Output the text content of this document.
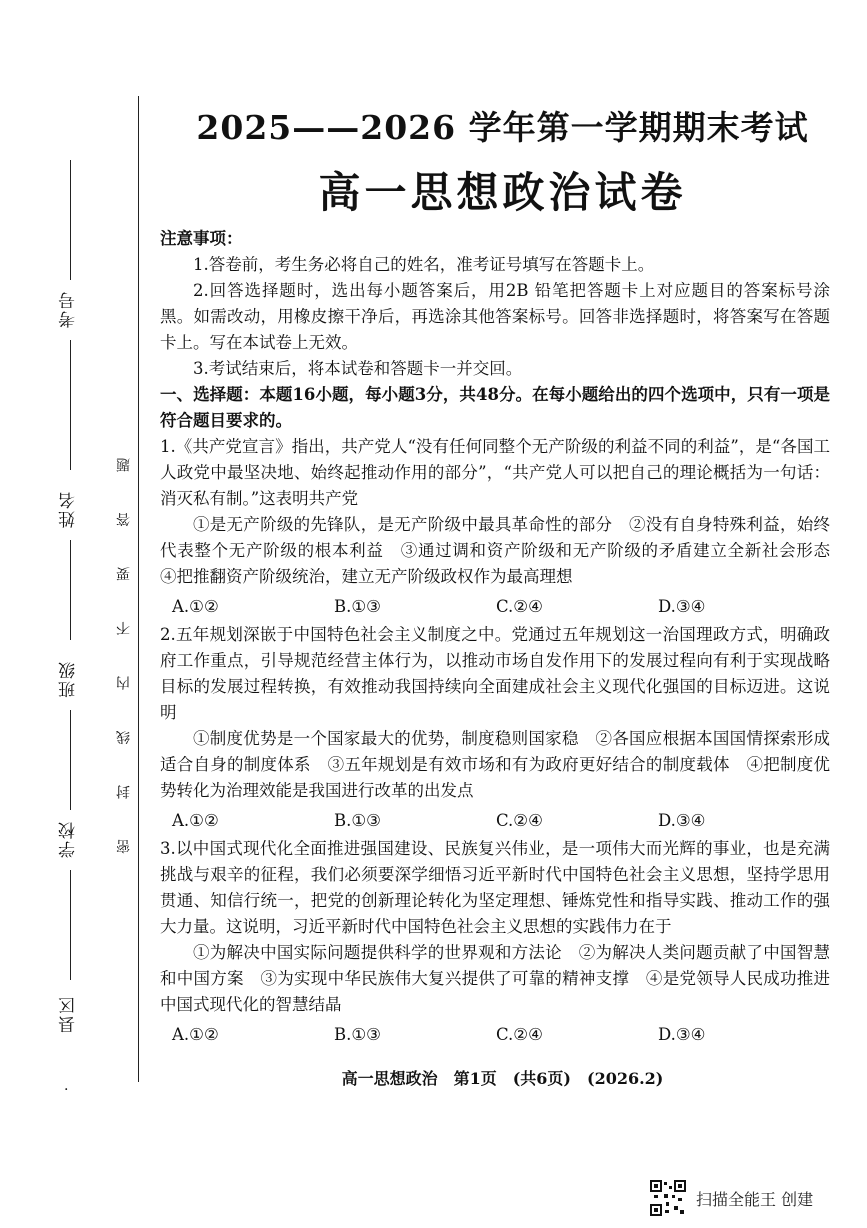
考号
姓名
班级
学校
县区
密 封 线 内 不 要 答 题
.
2025——2026 学年第一学期期末考试
高一思想政治试卷

注意事项：

1.答卷前，考生务必将自己的姓名，准考证号填写在答题卡上。

2.回答选择题时，选出每小题答案后，用2B 铅笔把答题卡上对应题目的答案标号涂黑。如需改动，用橡皮擦干净后，再选涂其他答案标号。回答非选择题时，将答案写在答题卡上。写在本试卷上无效。

3.考试结束后，将本试卷和答题卡一并交回。

一、选择题：本题16小题，每小题3分，共48分。在每小题给出的四个选项中，只有一项是符合题目要求的。

1.《共产党宣言》指出，共产党人“没有任何同整个无产阶级的利益不同的利益”，是“各国工人政党中最坚决地、始终起推动作用的部分”，“共产党人可以把自己的理论概括为一句话：消灭私有制。”这表明共产党

①是无产阶级的先锋队，是无产阶级中最具革命性的部分　②没有自身特殊利益，始终代表整个无产阶级的根本利益　③通过调和资产阶级和无产阶级的矛盾建立全新社会形态　④把推翻资产阶级统治，建立无产阶级政权作为最高理想

A.①②	B.①③	C.②④	D.③④

2.五年规划深嵌于中国特色社会主义制度之中。党通过五年规划这一治国理政方式，明确政府工作重点，引导规范经营主体行为，以推动市场自发作用下的发展过程向有利于实现战略目标的发展过程转换，有效推动我国持续向全面建成社会主义现代化强国的目标迈进。这说明

①制度优势是一个国家最大的优势，制度稳则国家稳　②各国应根据本国国情探索形成适合自身的制度体系　③五年规划是有效市场和有为政府更好结合的制度载体　④把制度优势转化为治理效能是我国进行改革的出发点

A.①②	B.①③	C.②④	D.③④

3.以中国式现代化全面推进强国建设、民族复兴伟业，是一项伟大而光辉的事业，也是充满挑战与艰辛的征程，我们必须要深学细悟习近平新时代中国特色社会主义思想，坚持学思用贯通、知信行统一，把党的创新理论转化为坚定理想、锤炼党性和指导实践、推动工作的强大力量。这说明，习近平新时代中国特色社会主义思想的实践伟力在于

①为解决中国实际问题提供科学的世界观和方法论　②为解决人类问题贡献了中国智慧和中国方案　③为实现中华民族伟大复兴提供了可靠的精神支撑　④是党领导人民成功推进中国式现代化的智慧结晶

A.①②	B.①③	C.②④	D.③④
高一思想政治　第1页　(共6页)　(2026.2)
扫描全能王 创建
